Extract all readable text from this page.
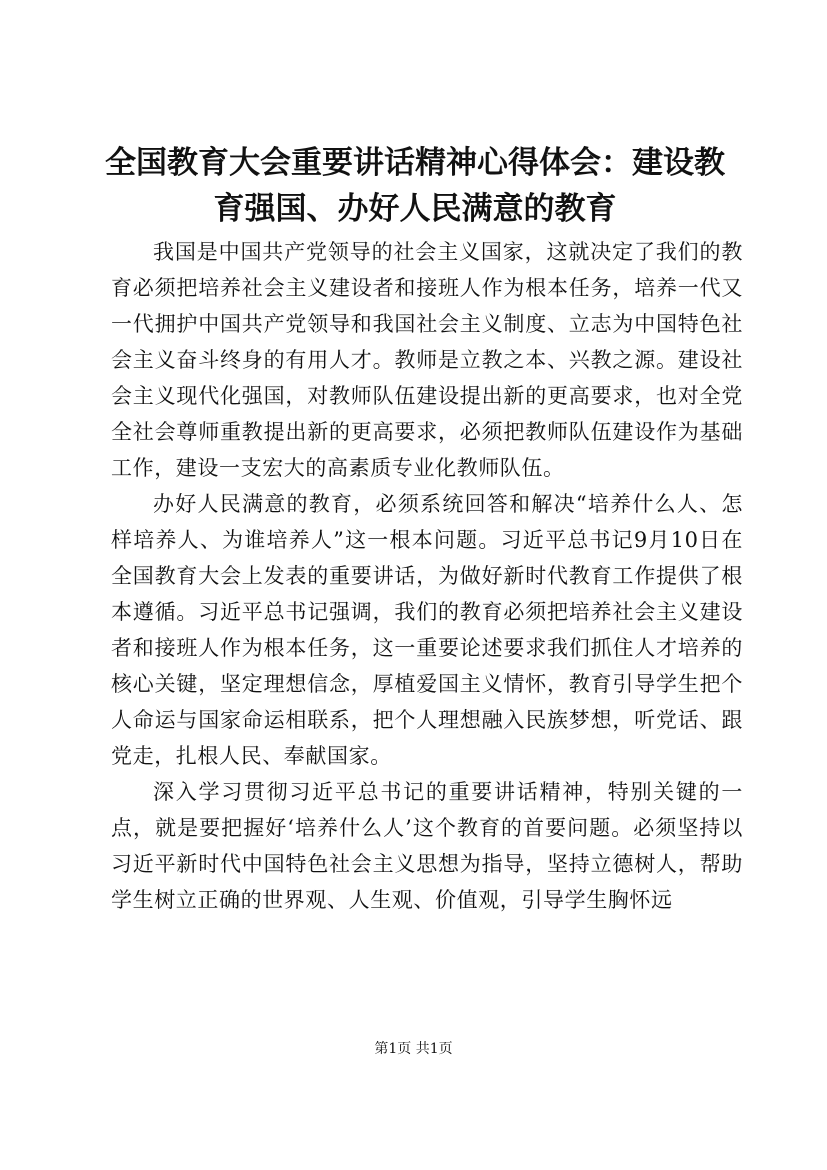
全国教育大会重要讲话精神心得体会：建设教育强国、办好人民满意的教育

我国是中国共产党领导的社会主义国家，这就决定了我们的教育必须把培养社会主义建设者和接班人作为根本任务，培养一代又一代拥护中国共产党领导和我国社会主义制度、立志为中国特色社会主义奋斗终身的有用人才。教师是立教之本、兴教之源。建设社会主义现代化强国，对教师队伍建设提出新的更高要求，也对全党全社会尊师重教提出新的更高要求，必须把教师队伍建设作为基础工作，建设一支宏大的高素质专业化教师队伍。

办好人民满意的教育，必须系统回答和解决“培养什么人、怎样培养人、为谁培养人”这一根本问题。习近平总书记9月10日在全国教育大会上发表的重要讲话，为做好新时代教育工作提供了根本遵循。习近平总书记强调，我们的教育必须把培养社会主义建设者和接班人作为根本任务，这一重要论述要求我们抓住人才培养的核心关键，坚定理想信念，厚植爱国主义情怀，教育引导学生把个人命运与国家命运相联系，把个人理想融入民族梦想，听党话、跟党走，扎根人民、奉献国家。

深入学习贯彻习近平总书记的重要讲话精神，特别关键的一点，就是要把握好‘培养什么人’这个教育的首要问题。必须坚持以习近平新时代中国特色社会主义思想为指导，坚持立德树人，帮助学生树立正确的世界观、人生观、价值观，引导学生胸怀远

第1页 共1页
